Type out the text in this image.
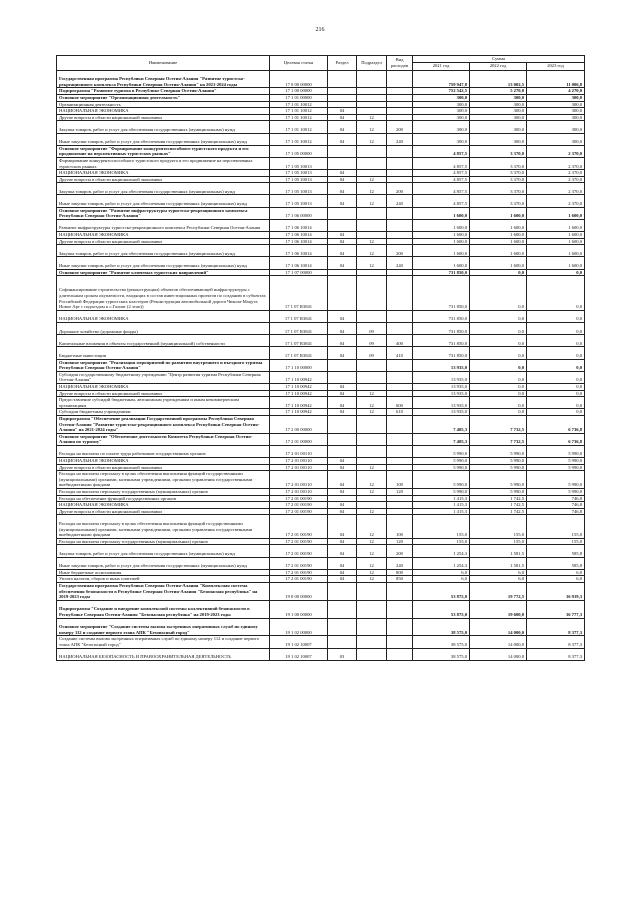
216
Наименование	Целевая статья	Раздел	Подраздел	Вид расходов	Сумма		
					2021 год	2022 год	2023 год
Государственная программа Республики Северная Осетия-Алания "Развитие туристско-рекреационного комплекса Республики Северная Осетия-Алания" на 2021-2024 годы	17 0 00 00000				759 947,8	13 002,5	11 006,8
Подпрограмма "Развитие туризма в Республике Северная Осетия-Алания"	17 1 00 00000				752 542,5	5 270,0	4 270,0
Основное мероприятие "Организационная деятельность"	17 1 01 00000				300,0	300,0	300,0
Организационная деятельность	17 1 01 10012				300,0	300,0	300,0
НАЦИОНАЛЬНАЯ ЭКОНОМИКА	17 1 01 10012	04			300,0	300,0	300,0
Другие вопросы в области национальной экономики	17 1 01 10012	04	12		300,0	300,0	300,0
Закупка товаров, работ и услуг для обеспечения государственных (муниципальных) нужд	17 1 01 10012	04	12	200	300,0	300,0	300,0
Иные закупки товаров, работ и услуг для обеспечения государственных (муниципальных) нужд	17 1 01 10012	04	12	240	300,0	300,0	300,0
Основное мероприятие "Формирование конкурентоспособного туристского продукта и его продвижение на перспективных туристских рынках"	17 1 05 00000				4 857,5	3 370,0	2 370,0
Формирование конкурентоспособного туристского продукта и его продвижение на перспективных туристских рынках	17 1 05 10013				4 857,5	3 370,0	2 370,0
НАЦИОНАЛЬНАЯ ЭКОНОМИКА	17 1 05 10013	04			4 857,5	3 370,0	2 370,0
Другие вопросы в области национальной экономики	17 1 05 10013	04	12		4 857,5	3 370,0	2 370,0
Закупка товаров, работ и услуг для обеспечения государственных (муниципальных) нужд	17 1 05 10013	04	12	200	4 857,5	3 370,0	2 370,0
Иные закупки товаров, работ и услуг для обеспечения государственных (муниципальных) нужд	17 1 05 10013	04	12	240	4 857,5	3 370,0	2 370,0
Основное мероприятие "Развитие инфраструктуры туристско-рекреационного комплекса Республики Северная Осетия-Алания"	17 1 06 00000				1 600,0	1 600,0	1 600,0
Развитие инфраструктуры туристско-рекреационного комплекса Республики Северная Осетия-Алания	17 1 06 10014				1 600,0	1 600,0	1 600,0
НАЦИОНАЛЬНАЯ ЭКОНОМИКА	17 1 06 10014	04			1 600,0	1 600,0	1 600,0
Другие вопросы в области национальной экономики	17 1 06 10014	04	12		1 600,0	1 600,0	1 600,0
Закупка товаров, работ и услуг для обеспечения государственных (муниципальных) нужд	17 1 06 10014	04	12	200	1 600,0	1 600,0	1 600,0
Иные закупки товаров, работ и услуг для обеспечения государственных (муниципальных) нужд	17 1 06 10014	04	12	240	1 600,0	1 600,0	1 600,0
Основное мероприятие "Развитие ключевых туристских направлений"	17 1 07 00000				731 850,0	0,0	0,0
Софинансирование строительства (реконструкции) объектов обеспечивающей инфраструктуры с длительным сроком окупаемости, входящих в состав инвестиционных проектов по созданию в субъектах Российской Федерации туристских кластеров (Реконструкция автомобильной дороги Чикола-Мацута Новое Арт с подъездом к с.Галиат (2 этап))	17 1 07 R3841				731 850,0	0,0	0,0
НАЦИОНАЛЬНАЯ ЭКОНОМИКА	17 1 07 R3841	04			731 850,0	0,0	0,0
Дорожное хозяйство (дорожные фонды)	17 1 07 R3841	04	09		731 850,0	0,0	0,0
Капитальные вложения в объекты государственной (муниципальной) собственности	17 1 07 R3841	04	09	400	731 850,0	0,0	0,0
Бюджетные инвестиции	17 1 07 R3841	04	09	410	731 850,0	0,0	0,0
Основное мероприятие "Реализация мероприятий по развитию внутреннего и въездного туризма Республики Северная Осетия-Алания"	17 1 10 00000				13 935,0	0,0	0,0
Субсидия государственному бюджетному учреждению "Центр развития туризма Республики Северная Осетия-Алания"	17 1 10 00942				13 935,0	0,0	0,0
НАЦИОНАЛЬНАЯ ЭКОНОМИКА	17 1 10 00942	04			13 935,0	0,0	0,0
Другие вопросы в области национальной экономики	17 1 10 00942	04	12		13 935,0	0,0	0,0
Предоставление субсидий бюджетным, автономным учреждениям и иным некоммерческим организациям	17 1 10 00942	04	12	600	13 935,0	0,0	0,0
Субсидии бюджетным учреждениям	17 1 10 00942	04	12	610	13 935,0	0,0	0,0
Подпрограмма "Обеспечение реализации Государственной программы Республики Северная Осетия-Алания "Развитие туристско-рекреационного комплекса Республики Северная Осетия-Алания" на 2021-2024 годы"	17 2 00 00000				7 405,3	7 732,5	6 736,8
Основное мероприятие "Обеспечение деятельности Комитета Республики Северная Осетия-Алания по туризму"	17 2 01 00000				7 405,3	7 732,5	6 736,8
Расходы на выплаты по оплате труда работников государственных органов	17 2 01 00110				5 990,0	5 990,0	5 990,0
НАЦИОНАЛЬНАЯ ЭКОНОМИКА	17 2 01 00110	04			5 990,0	5 990,0	5 990,0
Другие вопросы в области национальной экономики	17 2 01 00110	04	12		5 990,0	5 990,0	5 990,0
Расходы на выплаты персоналу в целях обеспечения выполнения функций государственными (муниципальными) органами, казенными учреждениями, органами управления государственными внебюджетными фондами	17 2 01 00110	04	12	100	5 990,0	5 990,0	5 990,0
Расходы на выплаты персоналу государственных (муниципальных) органов	17 2 01 00110	04	12	120	5 990,0	5 990,0	5 990,0
Расходы на обеспечение функций государственных органов	17 2 01 00190				1 415,3	1 742,5	746,8
НАЦИОНАЛЬНАЯ ЭКОНОМИКА	17 2 01 00190	04			1 415,3	1 742,5	746,8
Другие вопросы в области национальной экономики	17 2 01 00190	04	12		1 415,3	1 742,5	746,8
Расходы на выплаты персоналу в целях обеспечения выполнения функций государственными (муниципальными) органами, казенными учреждениями, органами управления государственными внебюджетными фондами	17 2 01 00190	04	12	100	155,0	155,0	155,0
Расходы на выплаты персоналу государственных (муниципальных) органов	17 2 01 00190	04	12	120	155,0	155,0	155,0
Закупка товаров, работ и услуг для обеспечения государственных (муниципальных) нужд	17 2 01 00190	04	12	200	1 254,3	1 581,5	585,8
Иные закупки товаров, работ и услуг для обеспечения государственных (муниципальных) нужд	17 2 01 00190	04	12	240	1 254,3	1 581,5	585,8
Иные бюджетные ассигнования	17 2 01 00190	04	12	800	6,0	6,0	6,0
Уплата налогов, сборов и иных платежей	17 2 01 00190	04	12	850	6,0	6,0	6,0
Государственная программа Республики Северная Осетия-Алания "Комплексная система обеспечения безопасности в Республике Северная Осетия-Алания "Безопасная республика" на 2019-2023 годы	19 0 00 00000				53 875,0	19 772,5	16 919,3
Подпрограмма "Создание и внедрение комплексной системы коллективной безопасности в Республике Северная Осетия-Алания "Безопасная республика" на 2019-2023 годы	19 1 00 00000				53 875,0	19 600,0	16 777,3
Основное мероприятие "Создание системы вызова экстренных оперативных служб по единому номеру 112 и создание первого этапа АПК "Безопасный город"	19 1 02 00000				38 575,0	14 000,0	8 377,3
Создание системы вызова экстренных оперативных служб по единому номеру 112 и создание первого этапа АПК "Безопасный город"	19 1 02 10007				38 575,0	14 000,0	8 377,3
НАЦИОНАЛЬНАЯ БЕЗОПАСНОСТЬ И ПРАВООХРАНИТЕЛЬНАЯ ДЕЯТЕЛЬНОСТЬ	19 1 02 10007	03			38 575,0	14 000,0	8 377,3
